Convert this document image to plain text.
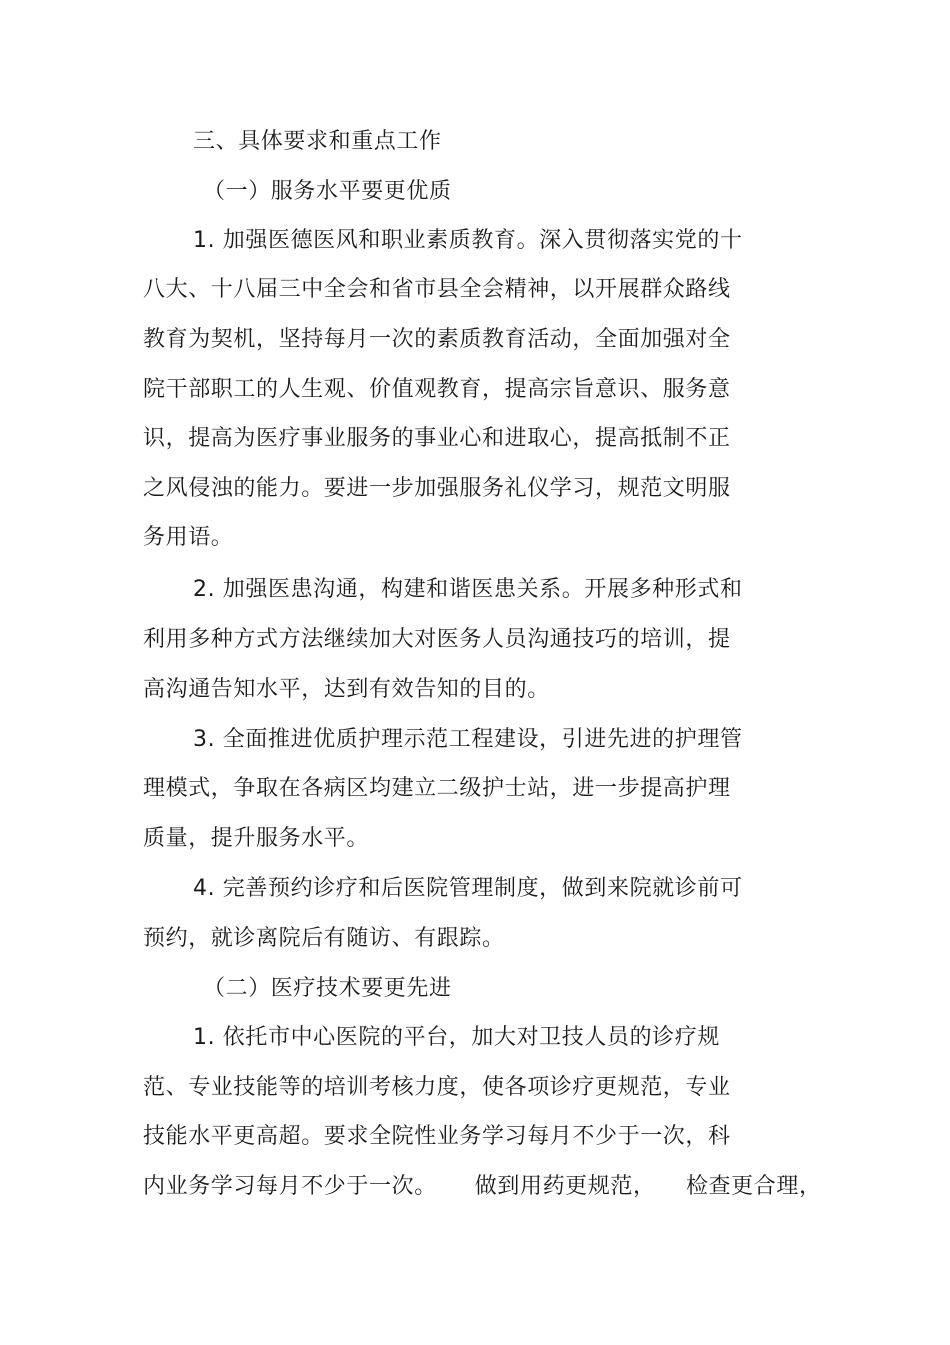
三、具体要求和重点工作
（一）服务水平要更优质
1. 加强医德医风和职业素质教育。深入贯彻落实党的十
八大、十八届三中全会和省市县全会精神，以开展群众路线
教育为契机，坚持每月一次的素质教育活动，全面加强对全
院干部职工的人生观、价值观教育，提高宗旨意识、服务意
识，提高为医疗事业服务的事业心和进取心，提高抵制不正
之风侵浊的能力。要进一步加强服务礼仪学习，规范文明服
务用语。
2. 加强医患沟通，构建和谐医患关系。开展多种形式和
利用多种方式方法继续加大对医务人员沟通技巧的培训，提
高沟通告知水平，达到有效告知的目的。
3. 全面推进优质护理示范工程建设，引进先进的护理管
理模式，争取在各病区均建立二级护士站，进一步提高护理
质量，提升服务水平。
4. 完善预约诊疗和后医院管理制度，做到来院就诊前可
预约，就诊离院后有随访、有跟踪。
（二）医疗技术要更先进
1. 依托市中心医院的平台，加大对卫技人员的诊疗规
范、专业技能等的培训考核力度，使各项诊疗更规范，专业
技能水平更高超。要求全院性业务学习每月不少于一次，科
内业务学习每月不少于一次。     做到用药更规范，    检查更合理，
